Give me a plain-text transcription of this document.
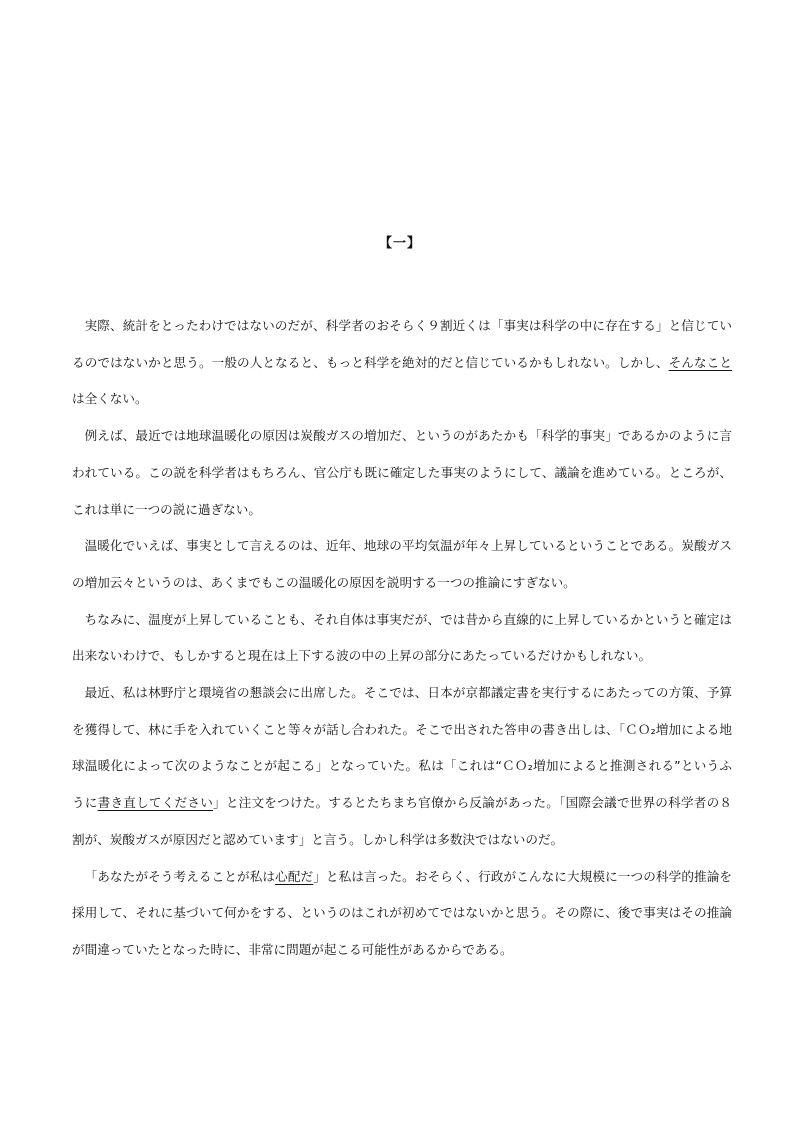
【一】

実際、統計をとったわけではないのだが、科学者のおそらく９割近くは「事実は科学の中に存在する」と信じているのではないかと思う。一般の人となると、もっと科学を絶対的だと信じているかもしれない。しかし、そんなことは全くない。

例えば、最近では地球温暖化の原因は炭酸ガスの増加だ、というのがあたかも「科学的事実」であるかのように言われている。この説を科学者はもちろん、官公庁も既に確定した事実のようにして、議論を進めている。ところが、これは単に一つの説に過ぎない。

温暖化でいえば、事実として言えるのは、近年、地球の平均気温が年々上昇しているということである。炭酸ガスの増加云々というのは、あくまでもこの温暖化の原因を説明する一つの推論にすぎない。

ちなみに、温度が上昇していることも、それ自体は事実だが、では昔から直線的に上昇しているかというと確定は出来ないわけで、もしかすると現在は上下する波の中の上昇の部分にあたっているだけかもしれない。

最近、私は林野庁と環境省の懇談会に出席した。そこでは、日本が京都議定書を実行するにあたっての方策、予算を獲得して、林に手を入れていくこと等々が話し合われた。そこで出された答申の書き出しは、「ＣＯ₂増加による地球温暖化によって次のようなことが起こる」となっていた。私は「これは“ＣＯ₂増加によると推測される”というふうに書き直してください」と注文をつけた。するとたちまち官僚から反論があった。「国際会議で世界の科学者の８割が、炭酸ガスが原因だと認めています」と言う。しかし科学は多数決ではないのだ。

「あなたがそう考えることが私は心配だ」と私は言った。おそらく、行政がこんなに大規模に一つの科学的推論を採用して、それに基づいて何かをする、というのはこれが初めてではないかと思う。その際に、後で事実はその推論が間違っていたとなった時に、非常に問題が起こる可能性があるからである。
